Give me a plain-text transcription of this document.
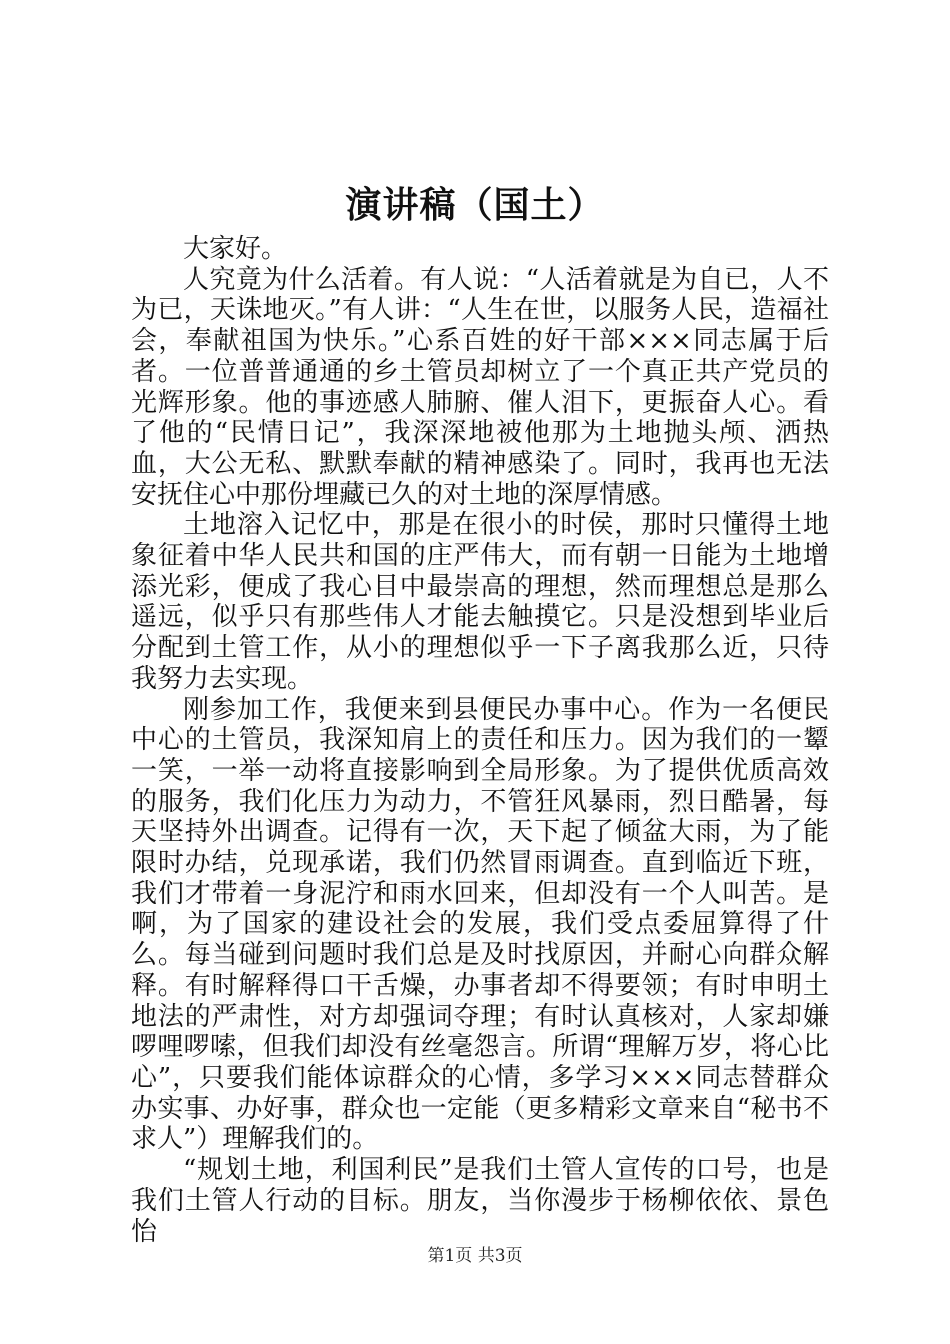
演讲稿（国土）

大家好。

人究竟为什么活着。有人说：“人活着就是为自已，人不为已，天诛地灭。”有人讲：“人生在世，以服务人民，造福社会，奉献祖国为快乐。”心系百姓的好干部×××同志属于后者。一位普普通通的乡土管员却树立了一个真正共产党员的光辉形象。他的事迹感人肺腑、催人泪下，更振奋人心。看了他的“民情日记”，我深深地被他那为土地抛头颅、洒热血，大公无私、默默奉献的精神感染了。同时，我再也无法安抚住心中那份埋藏已久的对土地的深厚情感。

土地溶入记忆中，那是在很小的时侯，那时只懂得土地象征着中华人民共和国的庄严伟大，而有朝一日能为土地增添光彩，便成了我心目中最崇高的理想，然而理想总是那么遥远，似乎只有那些伟人才能去触摸它。只是没想到毕业后分配到土管工作，从小的理想似乎一下子离我那么近，只待我努力去实现。

刚参加工作，我便来到县便民办事中心。作为一名便民中心的土管员，我深知肩上的责任和压力。因为我们的一颦一笑，一举一动将直接影响到全局形象。为了提供优质高效的服务，我们化压力为动力，不管狂风暴雨，烈日酷暑，每天坚持外出调查。记得有一次，天下起了倾盆大雨，为了能限时办结，兑现承诺，我们仍然冒雨调查。直到临近下班，我们才带着一身泥泞和雨水回来，但却没有一个人叫苦。是啊，为了国家的建设社会的发展，我们受点委屈算得了什么。每当碰到问题时我们总是及时找原因，并耐心向群众解释。有时解释得口干舌燥，办事者却不得要领；有时申明土地法的严肃性，对方却强词夺理；有时认真核对，人家却嫌啰哩啰嗦，但我们却没有丝毫怨言。所谓“理解万岁，将心比心”，只要我们能体谅群众的心情，多学习×××同志替群众办实事、办好事，群众也一定能（更多精彩文章来自“秘书不求人”）理解我们的。

“规划土地，利国利民”是我们土管人宣传的口号，也是我们土管人行动的目标。朋友，当你漫步于杨柳依依、景色怡

第1页 共3页
